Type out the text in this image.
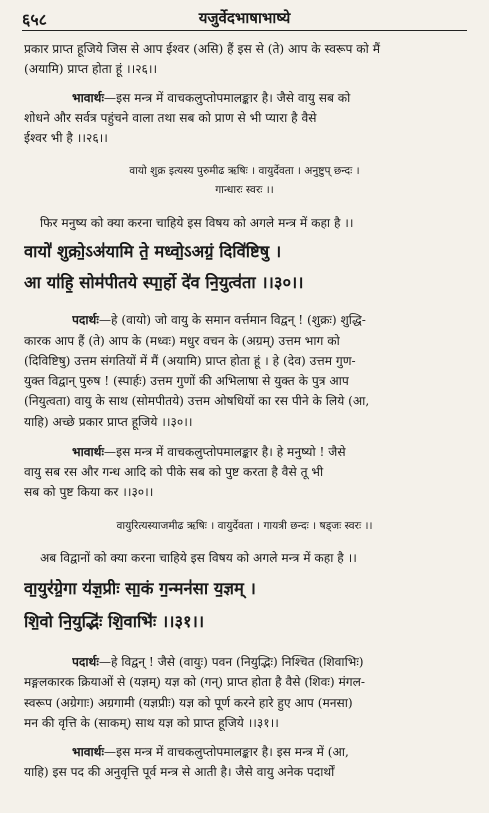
६५८	यजुर्वेदभाषाभाष्ये
प्रकार प्राप्त हूजिये जिस से आप ईश्वर (असि) हैं इस से (ते) आप के स्वरूप को मैं
(अयामि) प्राप्त होता हूं ।।२६।।
भावार्थः—इस मन्त्र में वाचकलुप्तोपमालङ्कार है। जैसे वायु सब को
शोधने और सर्वत्र पहुंचने वाला तथा सब को प्राण से भी प्यारा है वैसे
ईश्वर भी है ।।२६।।
वायो शुक्र इत्यस्य पुरुमीढ ऋषिः । वायुर्देवता । अनुष्टुप् छन्दः ।
गान्धारः स्वरः ।।
फिर मनुष्य को क्या करना चाहिये इस विषय को अगले मन्त्र में कहा है ।।
वायो॑ शुक्रो॒ऽअ॑यामि ते॒ मध्वो॒ऽअग्रं॒ दिवि॑ष्टिषु ।
आ या॑हि॒ सोम॑पीतये स्पा॒र्हो दे॑व नि॒युत्व॑ता ।।३०।।
पदार्थः—हे (वायो) जो वायु के समान वर्त्तमान विद्वन् ! (शुक्रः) शुद्धि-
कारक आप हैं (ते) आप के (मध्वः) मधुर वचन के (अग्रम्) उत्तम भाग को
(दिविष्टिषु) उत्तम संगतियों में मैं (अयामि) प्राप्त होता हूं । हे (देव) उत्तम गुण-
युक्त विद्वान् पुरुष ! (स्पार्हः) उत्तम गुणों की अभिलाषा से युक्त के पुत्र आप
(नियुत्वता) वायु के साथ (सोमपीतये) उत्तम ओषधियों का रस पीने के लिये (आ,
याहि) अच्छे प्रकार प्राप्त हूजिये ।।३०।।
भावार्थः—इस मन्त्र में वाचकलुप्तोपमालङ्कार है। हे मनुष्यो ! जैसे
वायु सब रस और गन्ध आदि को पीके सब को पुष्ट करता है वैसे तू भी
सब को पुष्ट किया कर ।।३०।।
वायुरित्यस्याजमीढ ऋषिः । वायुर्देवता । गायत्री छन्दः । षड्जः स्वरः ।।
अब विद्वानों को क्या करना चाहिये इस विषय को अगले मन्त्र में कहा है ।।
वा॒युर॑ग्रे॒गा य॑ज्ञ॒प्रीः सा॒कं ग॒न्मन॑सा य॒ज्ञम् ।
शि॒वो नि॒युद्भिः॑ शि॒वाभिः॑ ।।३१।।
पदार्थः—हे विद्वन् ! जैसे (वायुः) पवन (नियुद्भिः) निश्चित (शिवाभिः)
मङ्गलकारक क्रियाओं से (यज्ञम्) यज्ञ को (गन्) प्राप्त होता है वैसे (शिवः) मंगल-
स्वरूप (अग्रेगाः) अग्रगामी (यज्ञप्रीः) यज्ञ को पूर्ण करने हारे हुए आप (मनसा)
मन की वृत्ति के (साकम्) साथ यज्ञ को प्राप्त हूजिये ।।३१।।
भावार्थः—इस मन्त्र में वाचकलुप्तोपमालङ्कार है। इस मन्त्र में (आ,
याहि) इस पद की अनुवृत्ति पूर्व मन्त्र से आती है। जैसे वायु अनेक पदार्थों
